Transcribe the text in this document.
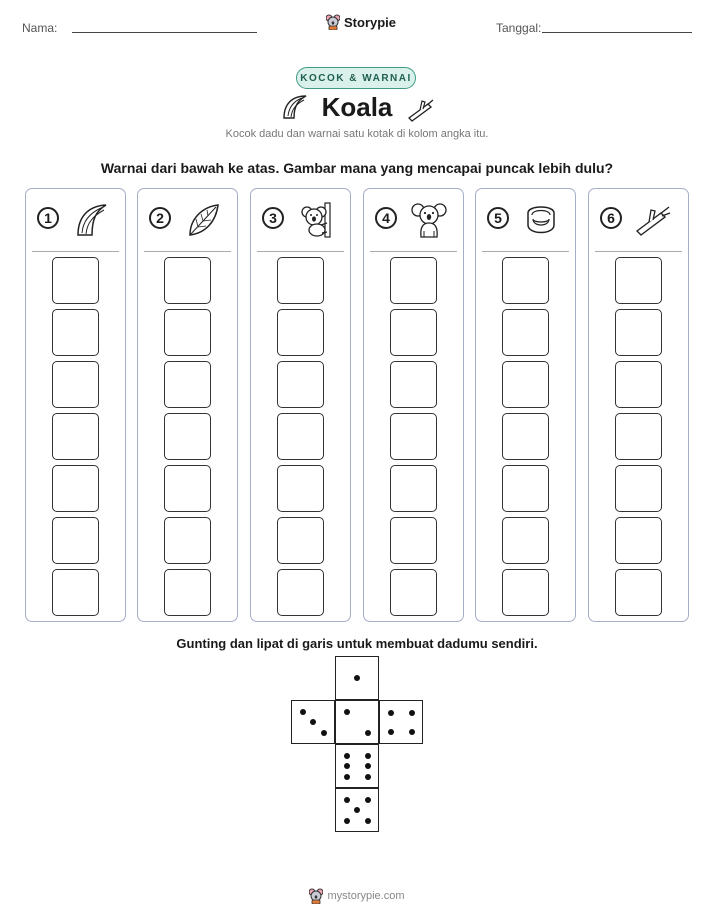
Nama:	Storypie	Tanggal:
KOCOK & WARNAI
Koala
Kocok dadu dan warnai satu kotak di kolom angka itu.
Warnai dari bawah ke atas. Gambar mana yang mencapai puncak lebih dulu?
1	2	3	4	5	6
Gunting dan lipat di garis untuk membuat dadumu sendiri.
mystorypie.com
